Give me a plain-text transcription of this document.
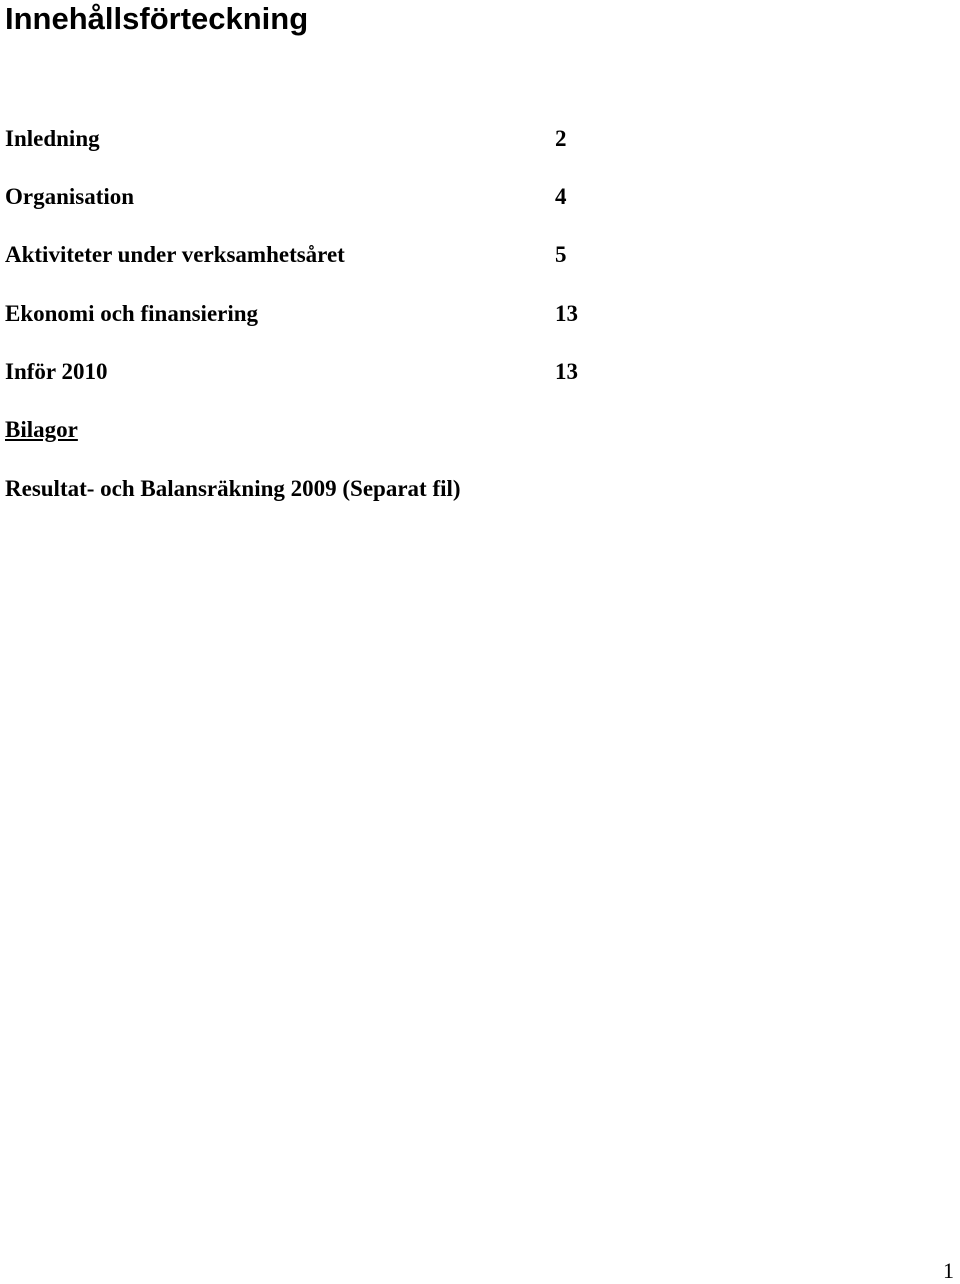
Innehållsförteckning
Inledning	2
Organisation	4
Aktiviteter under verksamhetsåret	5
Ekonomi och finansiering	13
Inför 2010	13
Bilagor
Resultat- och Balansräkning 2009 (Separat fil)
1
